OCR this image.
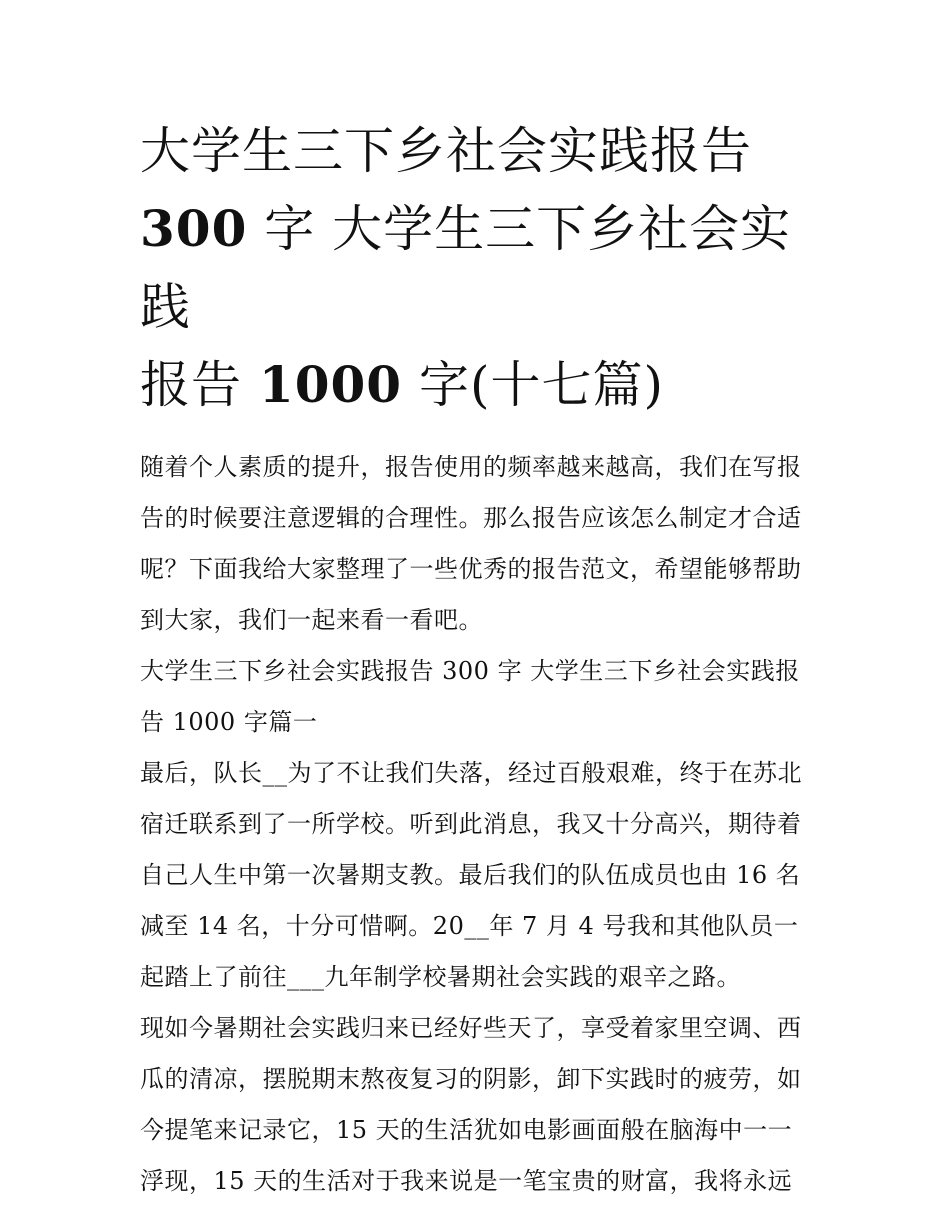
大学生三下乡社会实践报告
300 字 大学生三下乡社会实践
报告 1000 字(十七篇)

随着个人素质的提升，报告使用的频率越来越高，我们在写报告的时候要注意逻辑的合理性。那么报告应该怎么制定才合适呢？下面我给大家整理了一些优秀的报告范文，希望能够帮助到大家，我们一起来看一看吧。

大学生三下乡社会实践报告 300 字 大学生三下乡社会实践报告 1000 字篇一

最后，队长__为了不让我们失落，经过百般艰难，终于在苏北宿迁联系到了一所学校。听到此消息，我又十分高兴，期待着自己人生中第一次暑期支教。最后我们的队伍成员也由 16 名减至 14 名，十分可惜啊。20__年 7 月 4 号我和其他队员一起踏上了前往___九年制学校暑期社会实践的艰辛之路。

现如今暑期社会实践归来已经好些天了，享受着家里空调、西瓜的清凉，摆脱期末熬夜复习的阴影，卸下实践时的疲劳，如今提笔来记录它，15 天的生活犹如电影画面般在脑海中一一浮现，15 天的生活对于我来说是一笔宝贵的财富，我将永远
